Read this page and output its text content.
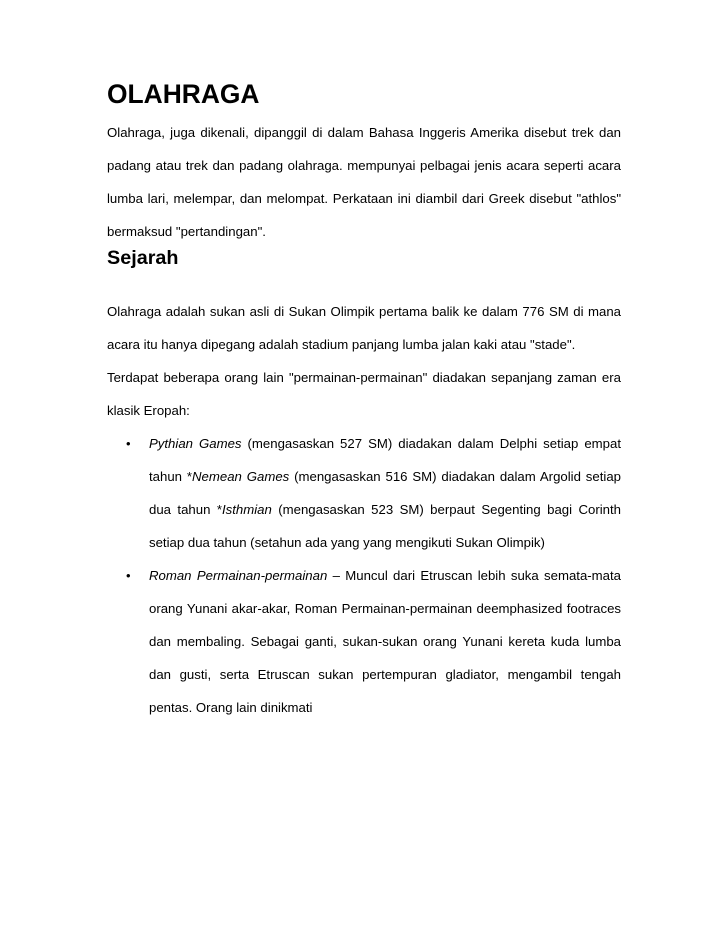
OLAHRAGA

Olahraga, juga dikenali, dipanggil di dalam Bahasa Inggeris Amerika disebut trek dan padang atau trek dan padang olahraga. mempunyai pelbagai jenis acara seperti acara lumba lari, melempar, dan melompat. Perkataan ini diambil dari Greek disebut "athlos" bermaksud "pertandingan".

Sejarah

Olahraga adalah sukan asli di Sukan Olimpik pertama balik ke dalam 776 SM di mana acara itu hanya dipegang adalah stadium panjang lumba jalan kaki atau "stade".

Terdapat beberapa orang lain "permainan-permainan" diadakan sepanjang zaman era klasik Eropah:

• Pythian Games (mengasaskan 527 SM) diadakan dalam Delphi setiap empat tahun *Nemean Games (mengasaskan 516 SM) diadakan dalam Argolid setiap dua tahun *Isthmian (mengasaskan 523 SM) berpaut Segenting bagi Corinth setiap dua tahun (setahun ada yang yang mengikuti Sukan Olimpik)
• Roman Permainan-permainan – Muncul dari Etruscan lebih suka semata-mata orang Yunani akar-akar, Roman Permainan-permainan deemphasized footraces dan membaling. Sebagai ganti, sukan-sukan orang Yunani kereta kuda lumba dan gusti, serta Etruscan sukan pertempuran gladiator, mengambil tengah pentas. Orang lain dinikmati
